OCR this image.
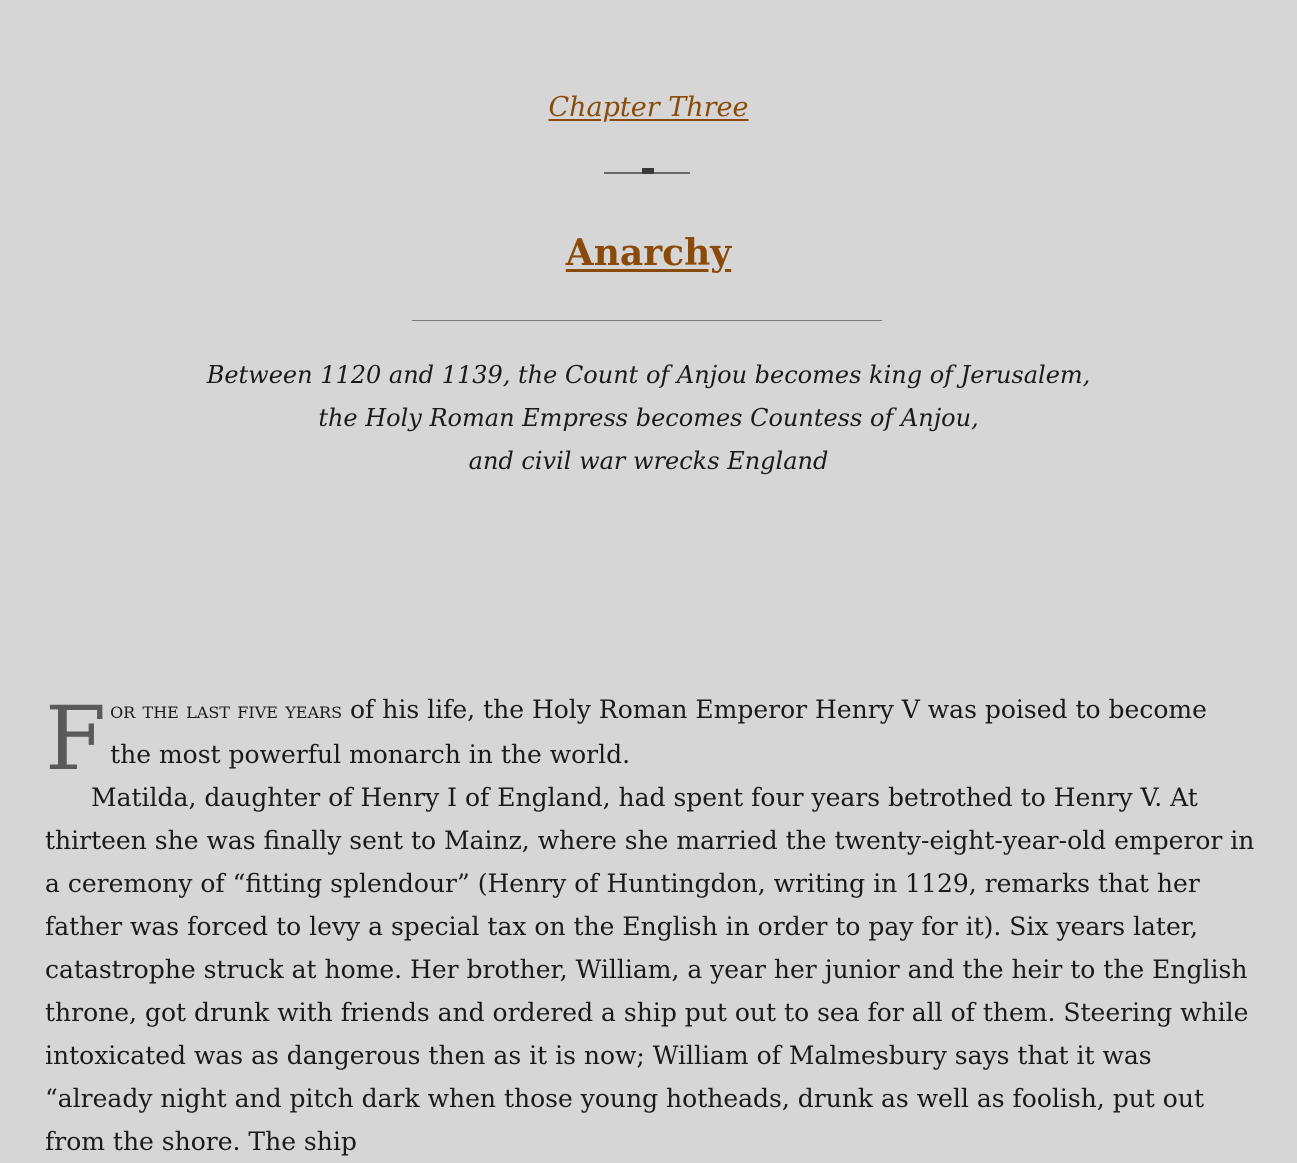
Chapter Three
Anarchy
Between 1120 and 1139, the Count of Anjou becomes king of Jerusalem,
the Holy Roman Empress becomes Countess of Anjou,
and civil war wrecks England

For the last five years of his life, the Holy Roman Emperor Henry V was poised to become the most powerful monarch in the world.

Matilda, daughter of Henry I of England, had spent four years betrothed to Henry V. At thirteen she was finally sent to Mainz, where she married the twenty-eight-year-old emperor in a ceremony of “fitting splendour” (Henry of Huntingdon, writing in 1129, remarks that her father was forced to levy a special tax on the English in order to pay for it). Six years later, catastrophe struck at home. Her brother, William, a year her junior and the heir to the English throne, got drunk with friends and ordered a ship put out to sea for all of them. Steering while intoxicated was as dangerous then as it is now; William of Malmesbury says that it was “already night and pitch dark when those young hotheads, drunk as well as foolish, put out from the shore. The ship
